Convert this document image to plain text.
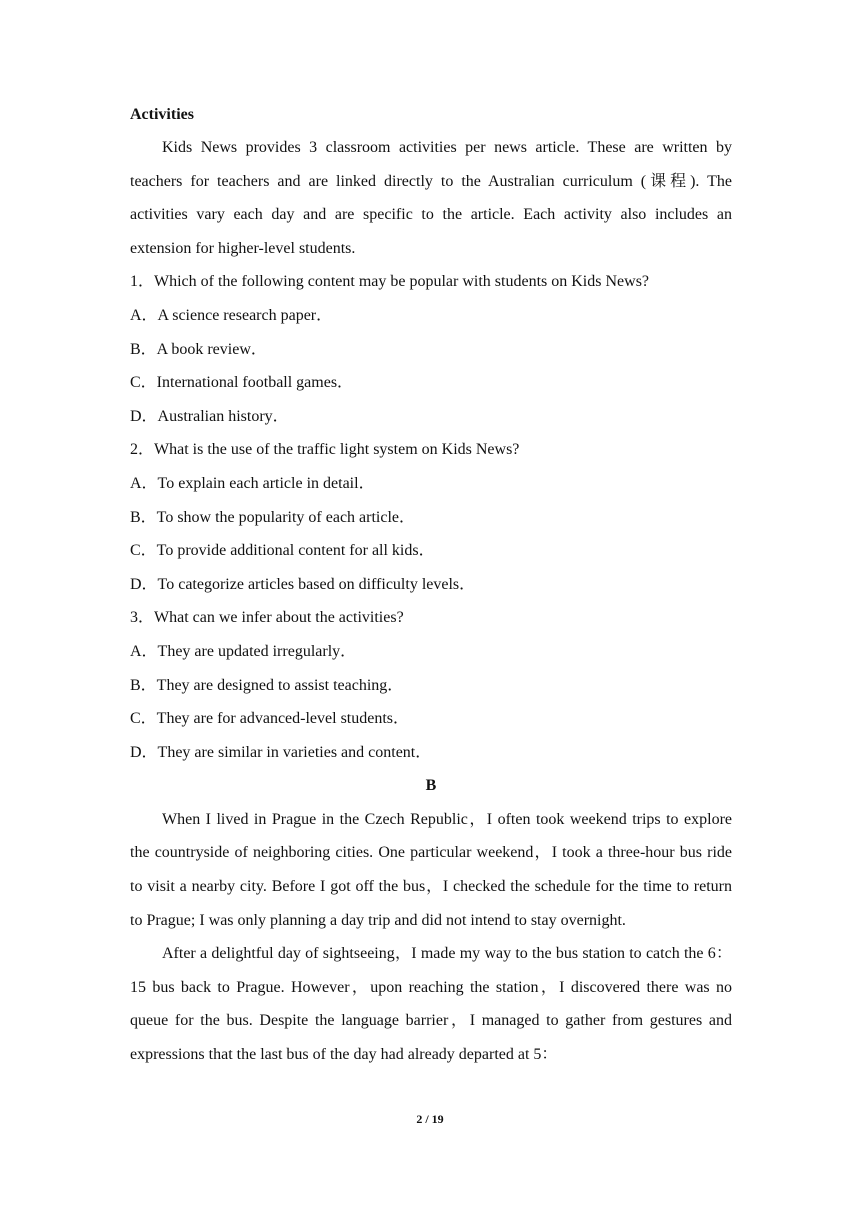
Activities

Kids News provides 3 classroom activities per news article. These are written by teachers for teachers and are linked directly to the Australian curriculum (课程). The activities vary each day and are specific to the article. Each activity also includes an extension for higher-level students.

1．Which of the following content may be popular with students on Kids News?

A．A science research paper．

B．A book review．

C．International football games．

D．Australian history．

2．What is the use of the traffic light system on Kids News?

A．To explain each article in detail．

B．To show the popularity of each article．

C．To provide additional content for all kids．

D．To categorize articles based on difficulty levels．

3．What can we infer about the activities?

A．They are updated irregularly．

B．They are designed to assist teaching．

C．They are for advanced-level students．

D．They are similar in varieties and content．

B

When I lived in Prague in the Czech Republic，I often took weekend trips to explore the countryside of neighboring cities. One particular weekend，I took a three-hour bus ride to visit a nearby city. Before I got off the bus，I checked the schedule for the time to return to Prague; I was only planning a day trip and did not intend to stay overnight.

After a delightful day of sightseeing，I made my way to the bus station to catch the 6：15 bus back to Prague. However，upon reaching the station，I discovered there was no queue for the bus. Despite the language barrier，I managed to gather from gestures and expressions that the last bus of the day had already departed at 5：

2 / 19
